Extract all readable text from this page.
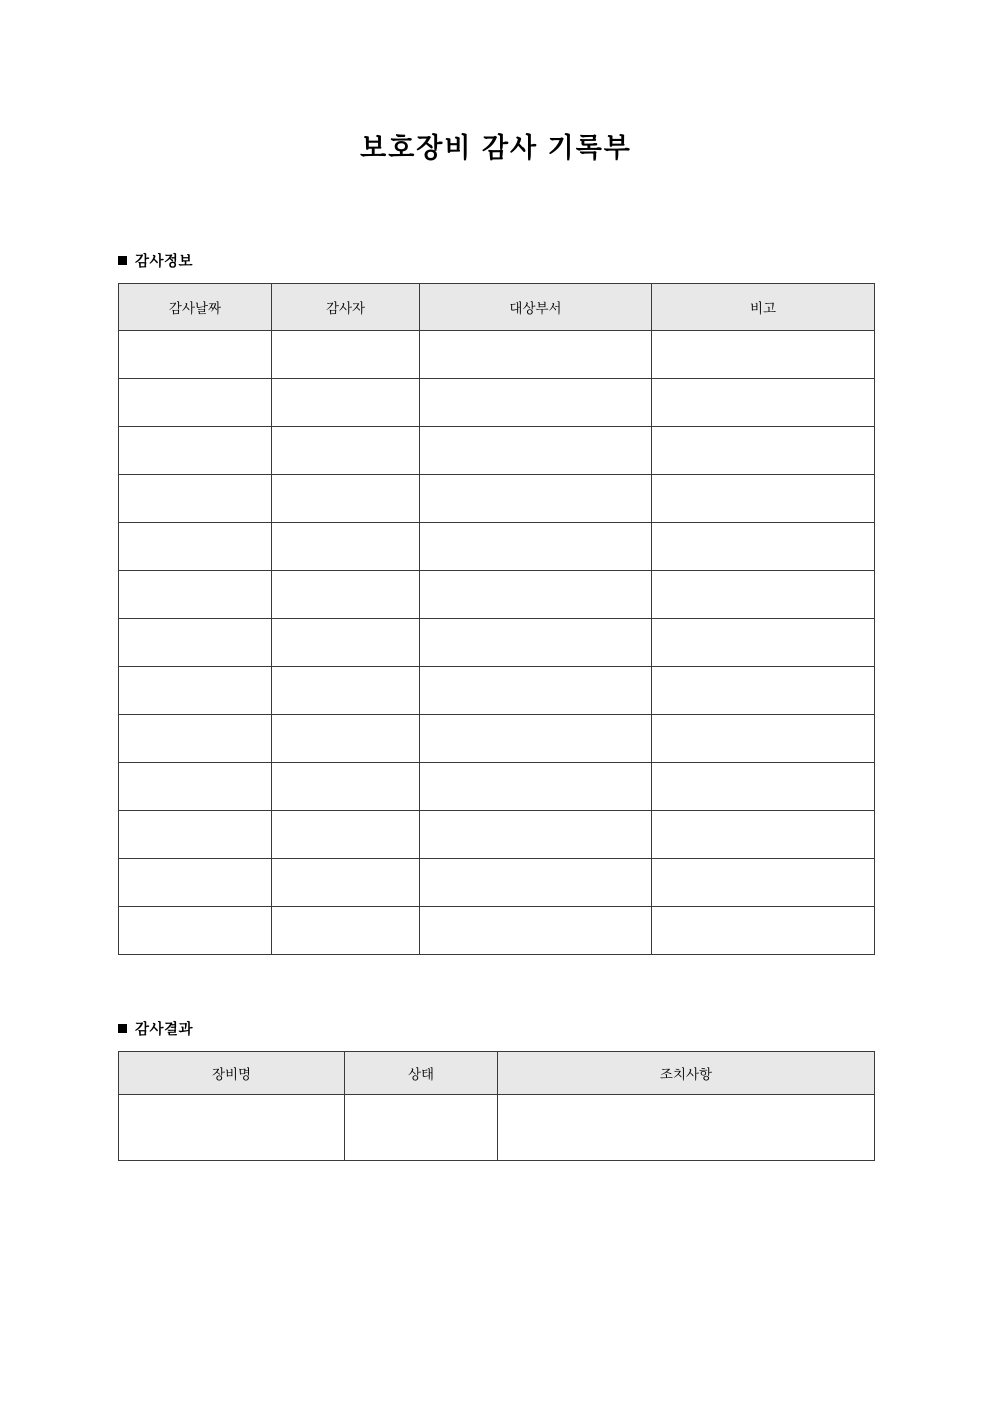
보호장비 감사 기록부
감사정보
감사날짜	감사자	대상부서	비고

감사결과
장비명	상태	조치사항
